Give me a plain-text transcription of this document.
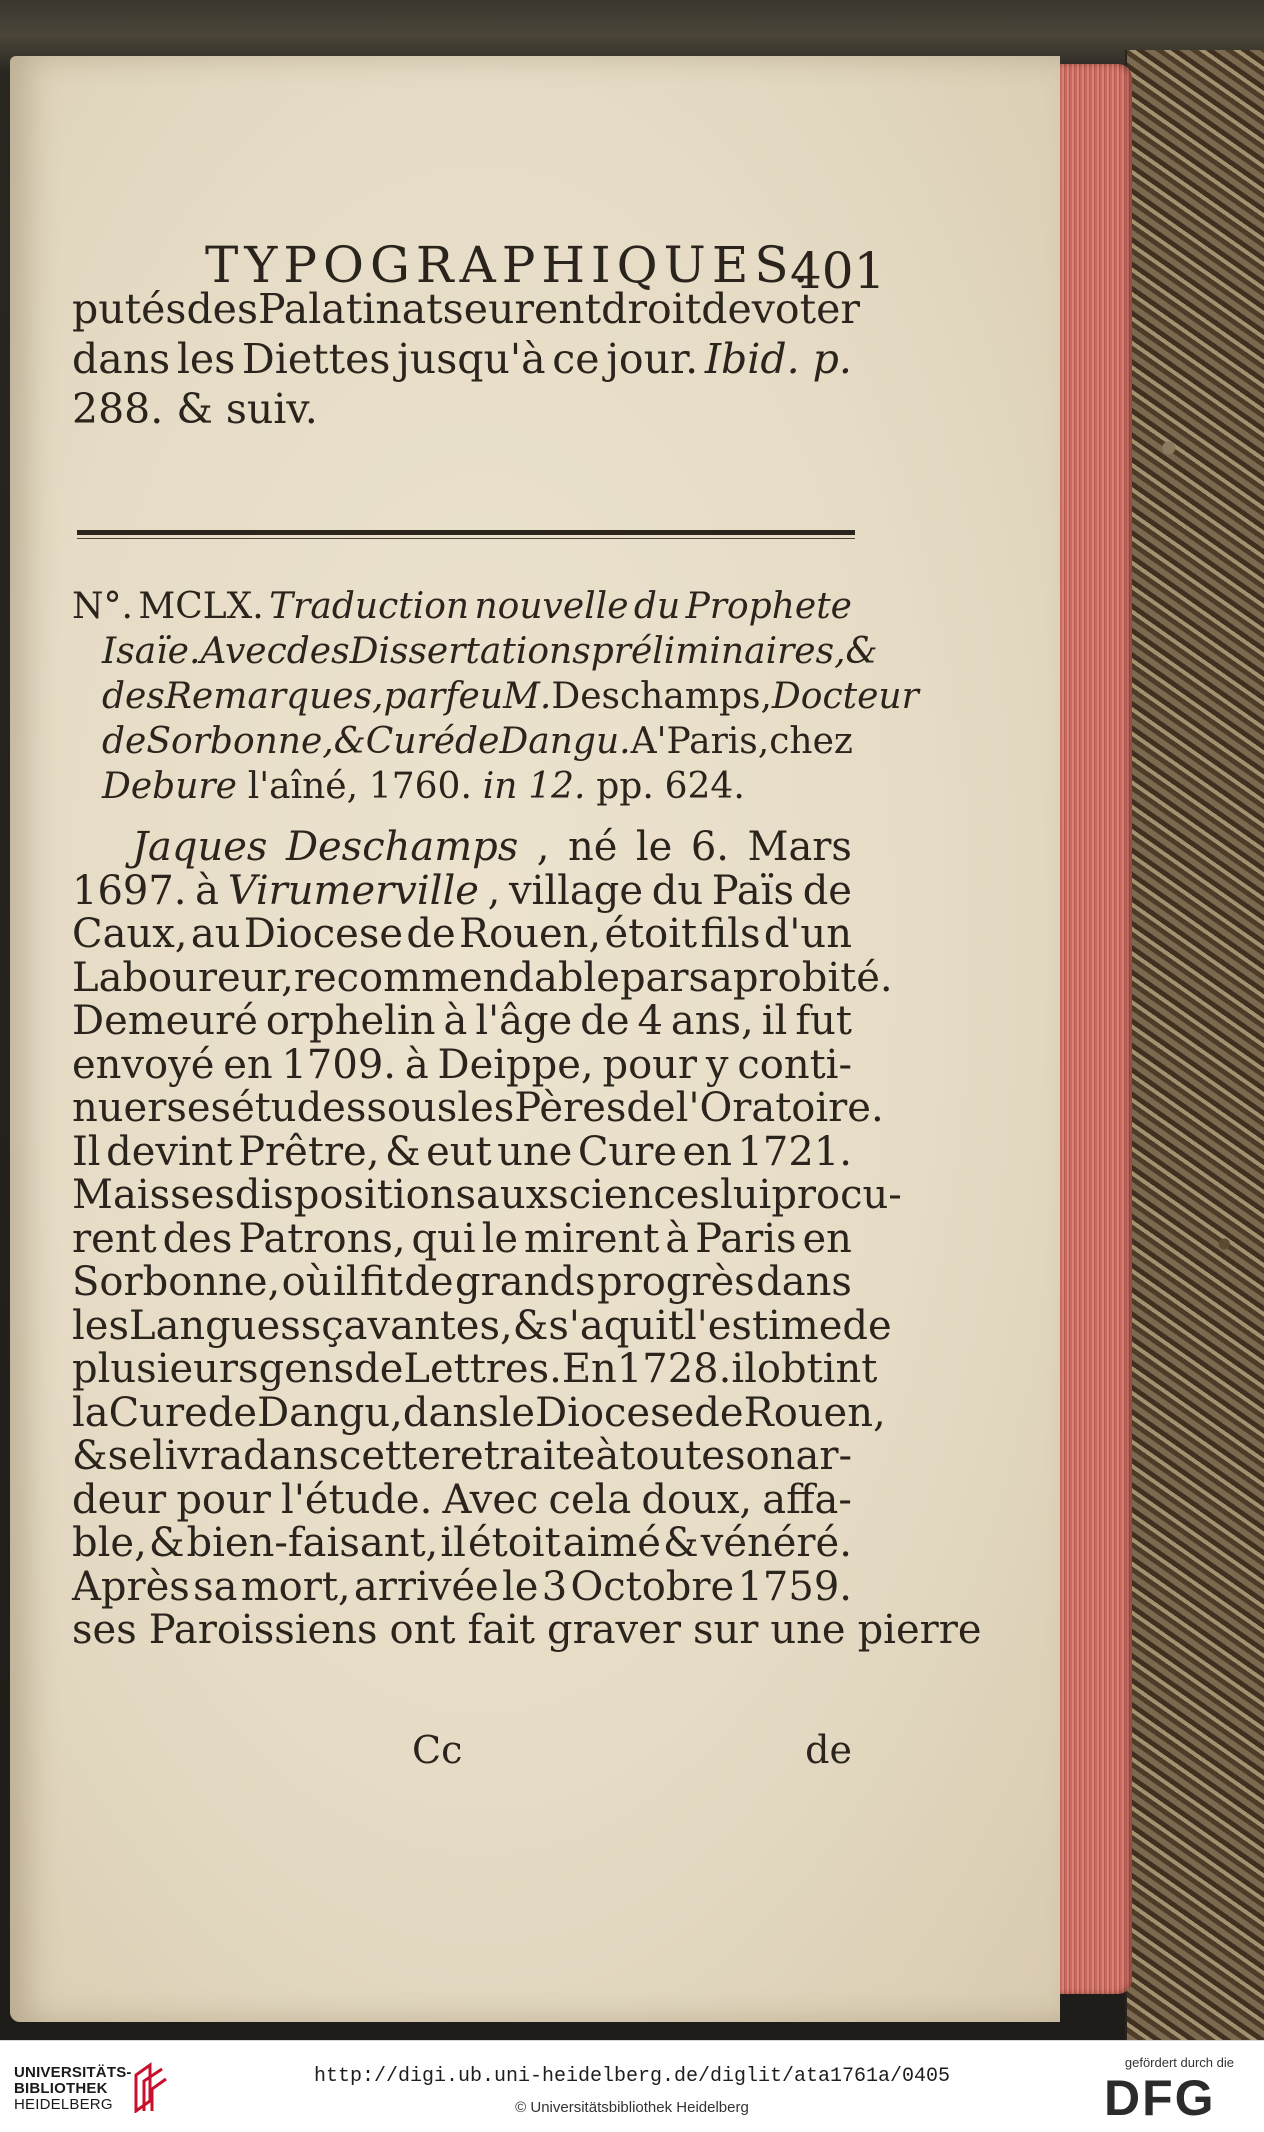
TYPOGRAPHIQUES.
401
putés des Palatinats eurent droit de voter
dans les Diettes jusqu'à ce jour. Ibid. p.
288. & suiv.
N°. MCLX. Traduction nouvelle du Prophete
Isaïe. Avec des Dissertations préliminaires, &
des Remarques, par feu M. Deschamps, Docteur
de Sorbonne, & Curé de Dangu. A' Paris, chez
Debure l'aîné, 1760. in 12. pp. 624.
Jaques Deschamps , né le 6. Mars
1697. à Virumerville , village du Païs de
Caux, au Diocese de Rouen, étoit fils d'un
Laboureur, recommendable par sa probité.
Demeuré orphelin à l'âge de 4 ans, il fut
envoyé en 1709. à Deippe, pour y conti-
nuer ses études sous les Pères de l'Oratoire.
Il devint Prêtre, & eut une Cure en 1721.
Mais ses dispositions aux sciences lui procu-
rent des Patrons, qui le mirent à Paris en
Sorbonne, où il fit de grands progrès dans
les Langues sçavantes, & s'aquit l'estime de
plusieurs gens de Lettres. En 1728. il obtint
la Cure de Dangu, dans le Diocese de Rouen,
& se livra dans cette retraite à toute son ar-
deur pour l'étude. Avec cela doux, affa-
ble, & bien-faisant, il étoit aimé & vénéré.
Après sa mort, arrivée le 3 Octobre 1759.
ses Paroissiens ont fait graver sur une pierre
Cc	de
UNIVERSITÄTS-
BIBLIOTHEK
HEIDELBERG
http://digi.ub.uni-heidelberg.de/diglit/ata1761a/0405
© Universitätsbibliothek Heidelberg
gefördert durch die
DFG
